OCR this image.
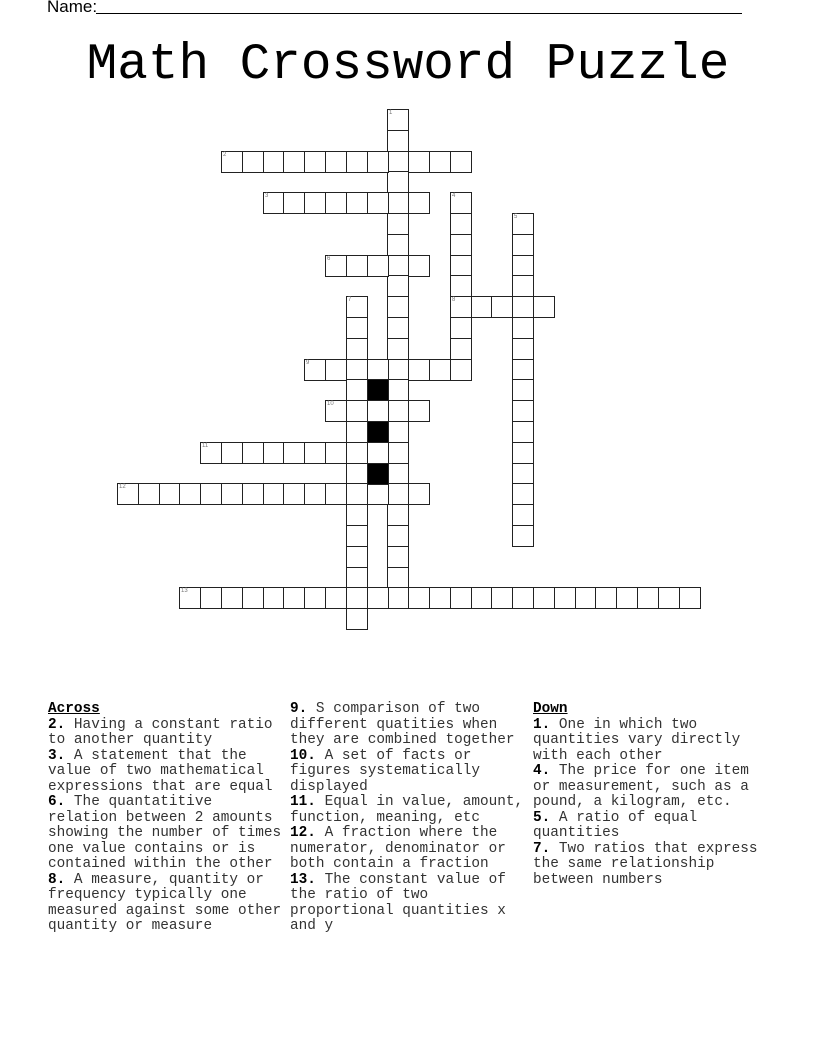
Name:
Math Crossword Puzzle
1
2
3	4
8
5
6
7
9
10
11
12
13
Across
2. Having a constant ratio to another quantity
3. A statement that the value of two mathematical expressions that are equal
6. The quantatitive relation between 2 amounts showing the number of times one value contains or is contained within the other
8. A measure, quantity or frequency typically one measured against some other quantity or measure
9. S comparison of two different quatities when they are combined together
10. A set of facts or figures systematically displayed
11. Equal in value, amount, function, meaning, etc
12. A fraction where the numerator, denominator or both contain a fraction
13. The constant value of the ratio of two proportional quantities x and y
Down
1. One in which two quantities vary directly with each other
4. The price for one item or measurement, such as a pound, a kilogram, etc.
5. A ratio of equal quantities
7. Two ratios that express the same relationship between numbers
